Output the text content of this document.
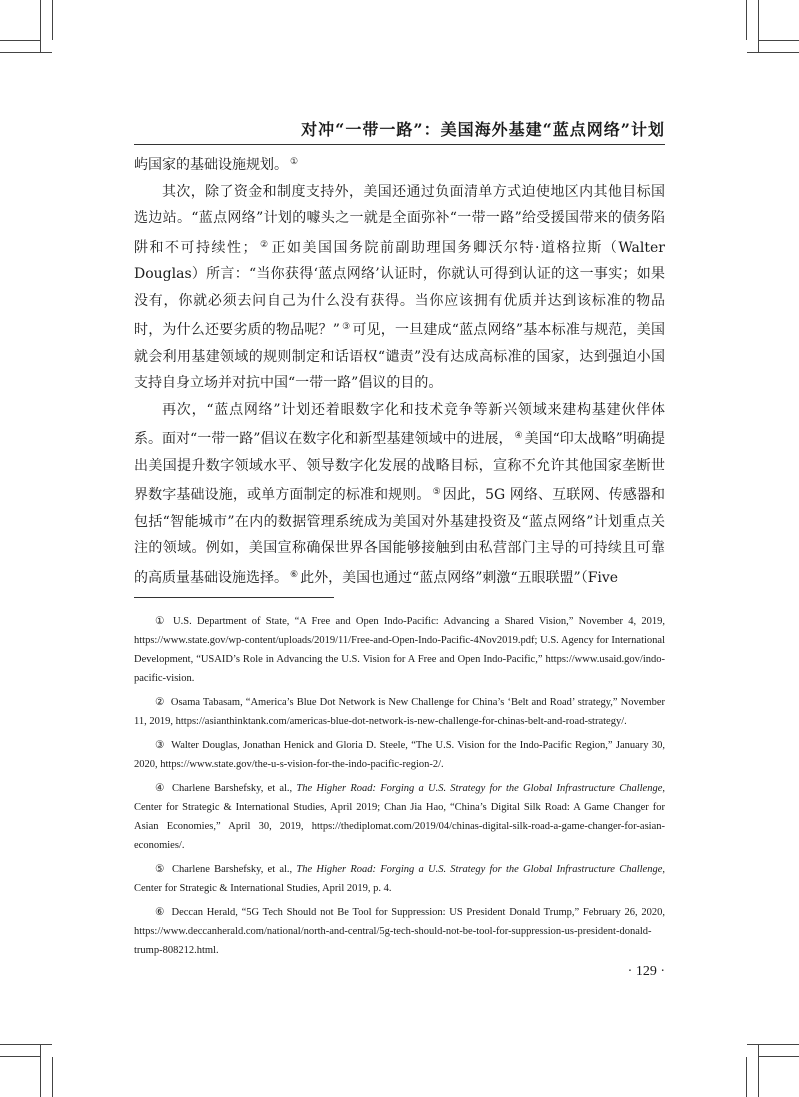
对冲“一带一路”：美国海外基建“蓝点网络”计划

屿国家的基础设施规划。 ①

其次，除了资金和制度支持外，美国还通过负面清单方式迫使地区内其他目标国选边站。“蓝点网络”计划的噱头之一就是全面弥补“一带一路”给受援国带来的债务陷阱和不可持续性； ② 正如美国国务院前副助理国务卿沃尔特·道格拉斯（Walter Douglas）所言：“当你获得‘蓝点网络’认证时，你就认可得到认证的这一事实；如果没有，你就必须去问自己为什么没有获得。当你应该拥有优质并达到该标准的物品时，为什么还要劣质的物品呢？” ③ 可见，一旦建成“蓝点网络”基本标准与规范，美国就会利用基建领域的规则制定和话语权“谴责”没有达成高标准的国家，达到强迫小国支持自身立场并对抗中国“一带一路”倡议的目的。

再次，“蓝点网络”计划还着眼数字化和技术竞争等新兴领域来建构基建伙伴体系。面对“一带一路”倡议在数字化和新型基建领域中的进展， ④ 美国“印太战略”明确提出美国提升数字领域水平、领导数字化发展的战略目标，宣称不允许其他国家垄断世界数字基础设施，或单方面制定的标准和规则。 ⑤ 因此，5G 网络、互联网、传感器和包括“智能城市”在内的数据管理系统成为美国对外基建投资及“蓝点网络”计划重点关注的领域。例如，美国宣称确保世界各国能够接触到由私营部门主导的可持续且可靠的高质量基础设施选择。 ⑥ 此外，美国也通过“蓝点网络”刺激“五眼联盟”（Five

① U.S. Department of State, “A Free and Open Indo-Pacific: Advancing a Shared Vision,” November 4, 2019, https://www.state.gov/wp-content/uploads/2019/11/Free-and-Open-Indo-Pacific-4Nov2019.pdf; U.S. Agency for International Development, “USAID’s Role in Advancing the U.S. Vision for A Free and Open Indo-Pacific,” https://www.usaid.gov/indo-pacific-vision.
② Osama Tabasam, “America’s Blue Dot Network is New Challenge for China’s ‘Belt and Road’ strategy,” November 11, 2019, https://asianthinktank.com/americas-blue-dot-network-is-new-challenge-for-chinas-belt-and-road-strategy/.
③ Walter Douglas, Jonathan Henick and Gloria D. Steele, “The U.S. Vision for the Indo-Pacific Region,” January 30, 2020, https://www.state.gov/the-u-s-vision-for-the-indo-pacific-region-2/.
④ Charlene Barshefsky, et al., The Higher Road: Forging a U.S. Strategy for the Global Infrastructure Challenge, Center for Strategic & International Studies, April 2019; Chan Jia Hao, “China’s Digital Silk Road: A Game Changer for Asian Economies,” April 30, 2019, https://thediplomat.com/2019/04/chinas-digital-silk-road-a-game-changer-for-asian-economies/.
⑤ Charlene Barshefsky, et al., The Higher Road: Forging a U.S. Strategy for the Global Infrastructure Challenge, Center for Strategic & International Studies, April 2019, p. 4.
⑥ Deccan Herald, “5G Tech Should not Be Tool for Suppression: US President Donald Trump,” February 26, 2020, https://www.deccanherald.com/national/north-and-central/5g-tech-should-not-be-tool-for-suppression-us-president-donald-trump-808212.html.
· 129 ·
